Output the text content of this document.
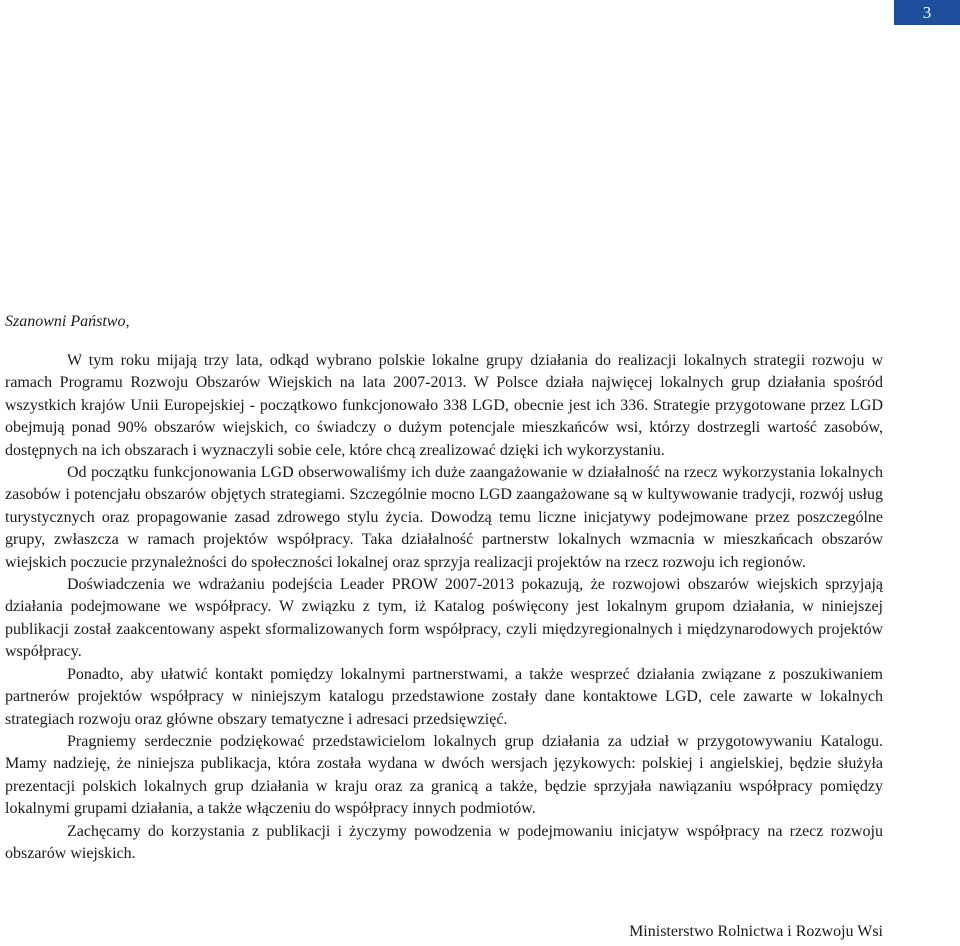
3

Szanowni Państwo,

W tym roku mijają trzy lata, odkąd wybrano polskie lokalne grupy działania do realizacji lokalnych strategii rozwoju w ramach Programu Rozwoju Obszarów Wiejskich na lata 2007-2013. W Polsce działa najwięcej lokalnych grup działania spośród wszystkich krajów Unii Europejskiej - początkowo funkcjonowało 338 LGD, obecnie jest ich 336. Strategie przygotowane przez LGD obejmują ponad 90% obszarów wiejskich, co świadczy o dużym potencjale mieszkańców wsi, którzy dostrzegli wartość zasobów, dostępnych na ich obszarach i wyznaczyli sobie cele, które chcą zrealizować dzięki ich wykorzystaniu.

Od początku funkcjonowania LGD obserwowaliśmy ich duże zaangażowanie w działalność na rzecz wykorzystania lokalnych zasobów i potencjału obszarów objętych strategiami. Szczególnie mocno LGD zaangażowane są w kultywowanie tradycji, rozwój usług turystycznych oraz propagowanie zasad zdrowego stylu życia. Dowodzą temu liczne inicjatywy podejmowane przez poszczególne grupy, zwłaszcza w ramach projektów współpracy. Taka działalność partnerstw lokalnych wzmacnia w mieszkańcach obszarów wiejskich poczucie przynależności do społeczności lokalnej oraz sprzyja realizacji projektów na rzecz rozwoju ich regionów.

Doświadczenia we wdrażaniu podejścia Leader PROW 2007-2013 pokazują, że rozwojowi obszarów wiejskich sprzyjają działania podejmowane we współpracy. W związku z tym, iż Katalog poświęcony jest lokalnym grupom działania, w niniejszej publikacji został zaakcentowany aspekt sformalizowanych form współpracy, czyli międzyregionalnych i międzynarodowych projektów współpracy.

Ponadto, aby ułatwić kontakt pomiędzy lokalnymi partnerstwami, a także wesprzeć działania związane z poszukiwaniem partnerów projektów współpracy w niniejszym katalogu przedstawione zostały dane kontaktowe LGD, cele zawarte w lokalnych strategiach rozwoju oraz główne obszary tematyczne i adresaci przedsięwzięć.

Pragniemy serdecznie podziękować przedstawicielom lokalnych grup działania za udział w przygotowywaniu Katalogu. Mamy nadzieję, że niniejsza publikacja, która została wydana w dwóch wersjach językowych: polskiej i angielskiej, będzie służyła prezentacji polskich lokalnych grup działania w kraju oraz za granicą a także, będzie sprzyjała nawiązaniu współpracy pomiędzy lokalnymi grupami działania, a także włączeniu do współpracy innych podmiotów.

Zachęcamy do korzystania z publikacji i życzymy powodzenia w podejmowaniu inicjatyw współpracy na rzecz rozwoju obszarów wiejskich.

Ministerstwo Rolnictwa i Rozwoju Wsi
